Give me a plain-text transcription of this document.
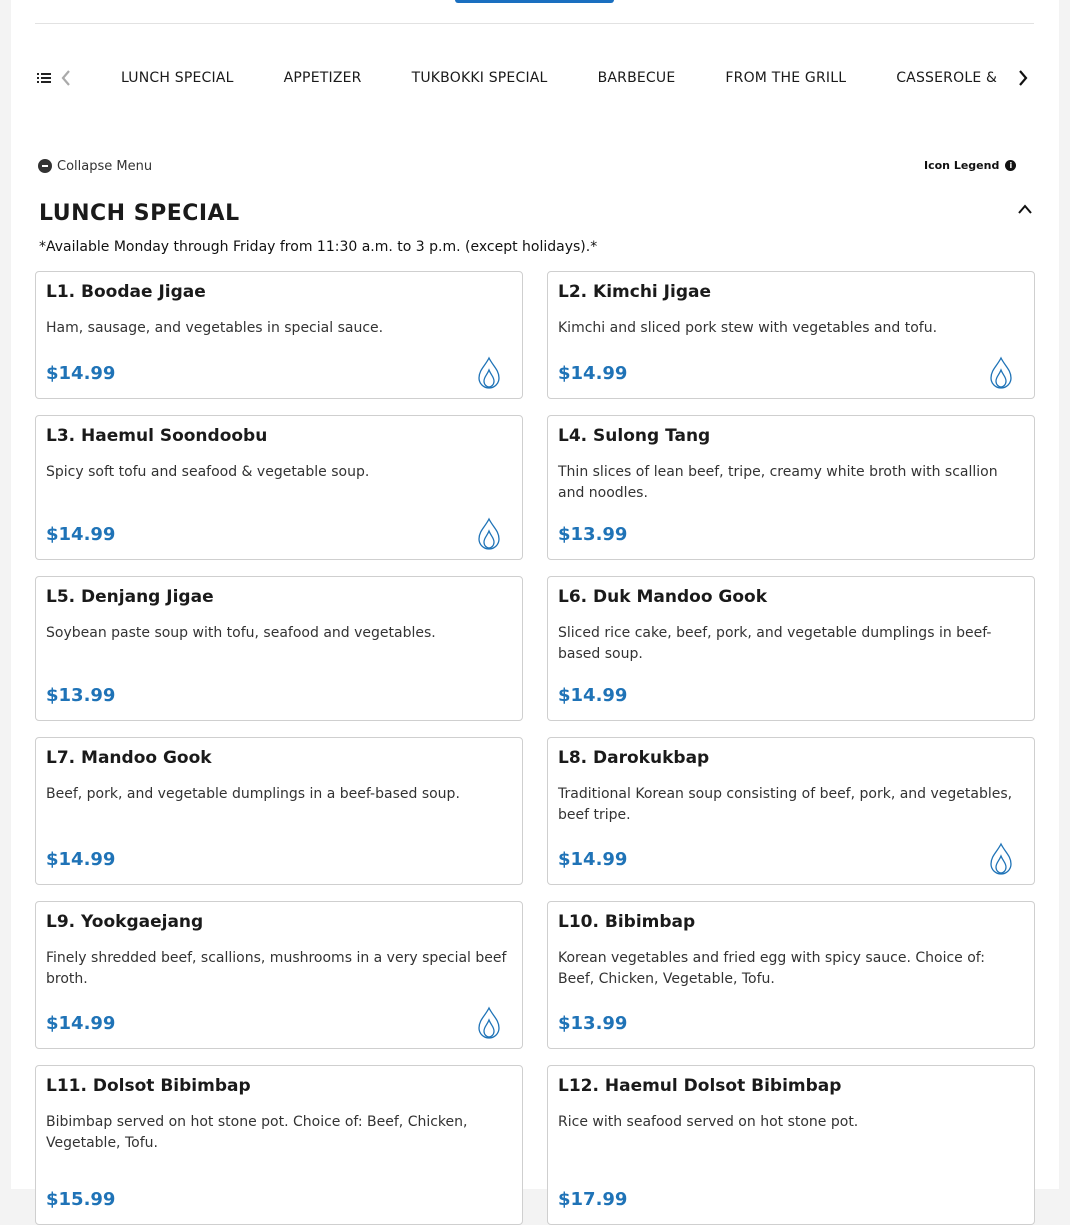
LUNCH SPECIAL	APPETIZER	TUKBOKKI SPECIAL	BARBECUE	FROM THE GRILL	CASSEROLE &
Collapse Menu	Icon Legend	i
LUNCH SPECIAL
*Available Monday through Friday from 11:30 a.m. to 3 p.m. (except holidays).*
L1. Boodae Jigae
Ham, sausage, and vegetables in special sauce.
$14.99
L2. Kimchi Jigae
Kimchi and sliced pork stew with vegetables and tofu.
$14.99
L3. Haemul Soondoobu
Spicy soft tofu and seafood & vegetable soup.
$14.99
L4. Sulong Tang
Thin slices of lean beef, tripe, creamy white broth with scallion and noodles.
$13.99
L5. Denjang Jigae
Soybean paste soup with tofu, seafood and vegetables.
$13.99
L6. Duk Mandoo Gook
Sliced rice cake, beef, pork, and vegetable dumplings in beef-based soup.
$14.99
L7. Mandoo Gook
Beef, pork, and vegetable dumplings in a beef-based soup.
$14.99
L8. Darokukbap
Traditional Korean soup consisting of beef, pork, and vegetables, beef tripe.
$14.99
L9. Yookgaejang
Finely shredded beef, scallions, mushrooms in a very special beef broth.
$14.99
L10. Bibimbap
Korean vegetables and fried egg with spicy sauce. Choice of: Beef, Chicken, Vegetable, Tofu.
$13.99
L11. Dolsot Bibimbap
Bibimbap served on hot stone pot. Choice of: Beef, Chicken, Vegetable, Tofu.
$15.99
L12. Haemul Dolsot Bibimbap
Rice with seafood served on hot stone pot.
$17.99
